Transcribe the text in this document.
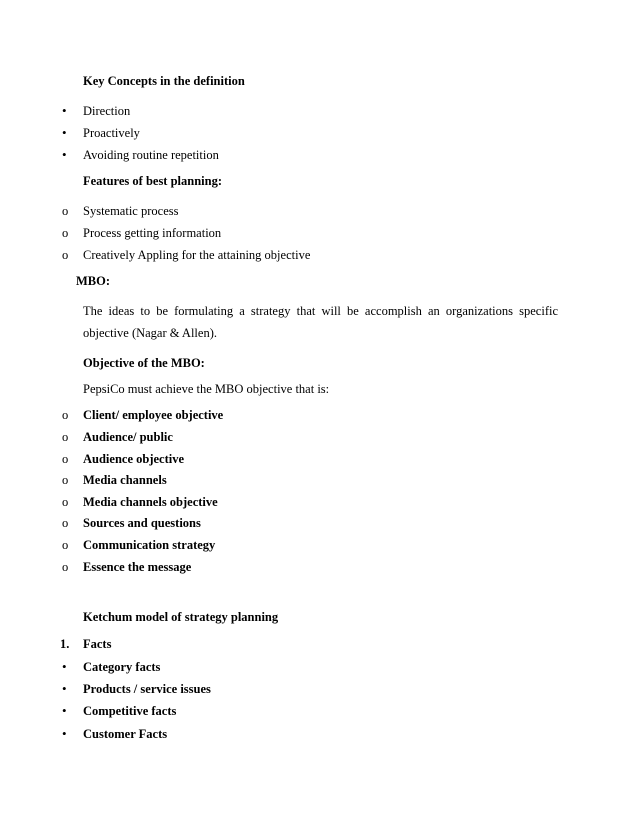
Key Concepts in the definition
•	Direction
•	Proactively
•	Avoiding routine repetition
Features of best planning:
o	Systematic process
o	Process getting information
o	Creatively Appling for the attaining objective
MBO:
The ideas to be formulating a strategy that will be accomplish an organizations specific
objective (Nagar & Allen).
Objective of the MBO:
PepsiCo must achieve the MBO objective that is:
o	Client/ employee objective
o	Audience/ public
o	Audience objective
o	Media channels
o	Media channels objective
o	Sources and questions
o	Communication strategy
o	Essence the message
Ketchum model of strategy planning
1.	Facts
•	Category facts
•	Products / service issues
•	Competitive facts
•	Customer Facts
